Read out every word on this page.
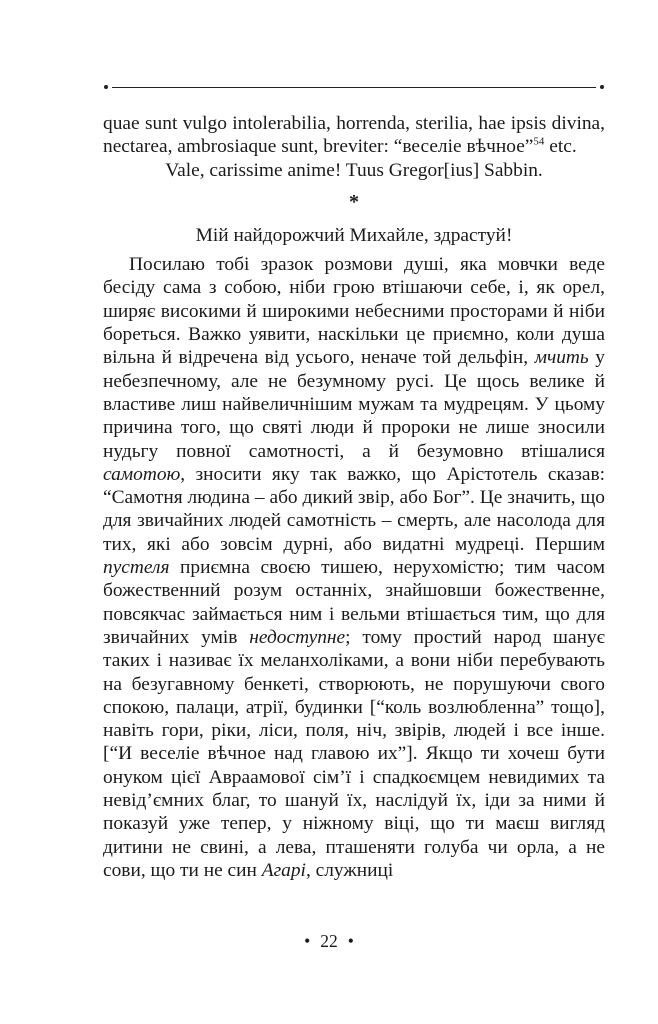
quae sunt vulgo intolerabilia, horrenda, sterilia, hae ipsis divina, nectarea, ambrosiaque sunt, breviter: “веселіе вѣчное”$^{54}$ etc.

Vale, carissime anime! Tuus Gregor[ius] Sabbin.

*

Мій найдорожчий Михайле, здрастуй!

Посилаю тобі зразок розмови душі, яка мовчки веде бесіду сама з собою, ніби грою втішаючи себе, і, як орел, ширяє високими й широкими небесними просторами й ніби бореться. Важко уявити, наскільки це приємно, коли душа вільна й відречена від усього, неначе той дельфін, мчить у небезпечному, але не безумному русі. Це щось велике й властиве лиш найвеличнішим мужам та мудрецям. У цьому причина того, що святі люди й пророки не лише зносили нудьгу повної самотності, а й безумовно втішалися самотою, зносити яку так важко, що Арістотель сказав: “Самотня людина – або дикий звір, або Бог”. Це значить, що для звичайних людей самотність – смерть, але насолода для тих, які або зовсім дурні, або видатні мудреці. Першим пустеля приємна своєю тишею, нерухомістю; тим часом божественний розум останніх, знайшовши божественне, повсякчас займається ним і вельми втішається тим, що для звичайних умів недоступне; тому простий народ шанує таких і називає їх меланхоліками, а вони ніби перебувають на безугавному бенкеті, створюють, не порушуючи свого спокою, палаци, атрії, будинки [“коль возлюбленна” тощо], навіть гори, ріки, ліси, поля, ніч, звірів, людей і все інше. [“И веселіе вѣчное над главою их”]. Якщо ти хочеш бути онуком цієї Авраамової сім’ї і спадкоємцем невидимих та невід’ємних благ, то шануй їх, наслідуй їх, іди за ними й показуй уже тепер, у ніжному віці, що ти маєш вигляд дитини не свині, а лева, пташеняти голуба чи орла, а не сови, що ти не син Агарі, служниці

• 22 •
